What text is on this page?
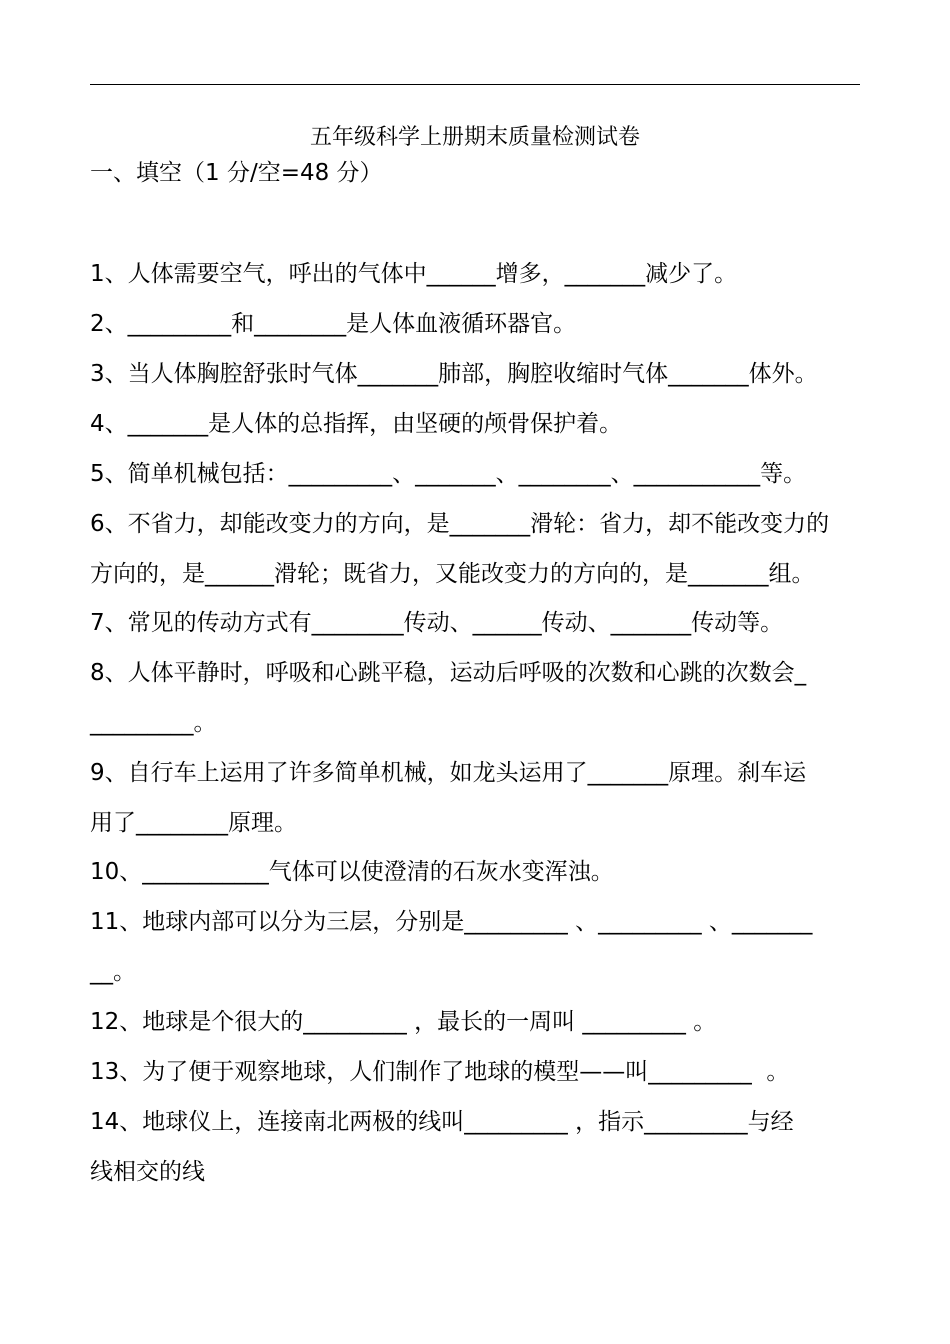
五年级科学上册期末质量检测试卷
一、填空（1 分/空=48 分）
1、人体需要空气，呼出的气体中______增多，_______减少了。
2、_________和________是人体血液循环器官。
3、当人体胸腔舒张时气体_______肺部，胸腔收缩时气体_______体外。
4、_______是人体的总指挥，由坚硬的颅骨保护着。
5、简单机械包括：_________、_______、________、___________等。
6、不省力，却能改变力的方向，是_______滑轮：省力，却不能改变力的
方向的，是______滑轮；既省力，又能改变力的方向的，是_______组。
7、常见的传动方式有________传动、______传动、_______传动等。
8、人体平静时，呼吸和心跳平稳，运动后呼吸的次数和心跳的次数会_
_________。
9、自行车上运用了许多简单机械，如龙头运用了_______原理。刹车运
用了________原理。
10、___________气体可以使澄清的石灰水变浑浊。
11、地球内部可以分为三层，分别是_________ 、_________ 、_______
__。
12、地球是个很大的_________ ，最长的一周叫 _________ 。
13、为了便于观察地球，人们制作了地球的模型——叫_________  。
14、地球仪上，连接南北两极的线叫_________ ，指示_________与经
线相交的线
